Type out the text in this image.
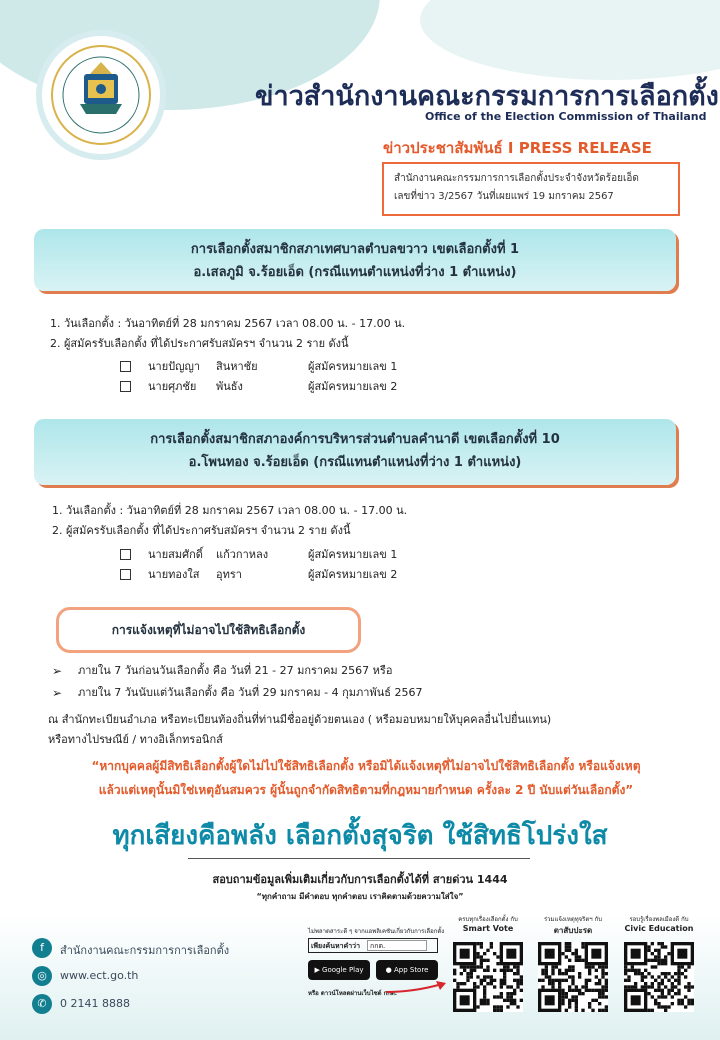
ข่าวสำนักงานคณะกรรมการการเลือกตั้ง
Office of the Election Commission of Thailand
ข่าวประชาสัมพันธ์ I PRESS RELEASE
สำนักงานคณะกรรมการการเลือกตั้งประจำจังหวัดร้อยเอ็ด
เลขที่ข่าว 3/2567 วันที่เผยแพร่ 19 มกราคม 2567
การเลือกตั้งสมาชิกสภาเทศบาลตำบลขวาว เขตเลือกตั้งที่ 1
อ.เสลภูมิ จ.ร้อยเอ็ด (กรณีแทนตำแหน่งที่ว่าง 1 ตำแหน่ง)
1. วันเลือกตั้ง : วันอาทิตย์ที่ 28 มกราคม 2567 เวลา 08.00 น. - 17.00 น.
2. ผู้สมัครรับเลือกตั้ง ที่ได้ประกาศรับสมัครฯ จำนวน 2 ราย ดังนี้
นายปัญญา สินหาชัย	ผู้สมัครหมายเลข 1
นายศุภชัย พันธัง	ผู้สมัครหมายเลข 2
การเลือกตั้งสมาชิกสภาองค์การบริหารส่วนตำบลคำนาดี เขตเลือกตั้งที่ 10
อ.โพนทอง จ.ร้อยเอ็ด (กรณีแทนตำแหน่งที่ว่าง 1 ตำแหน่ง)
1. วันเลือกตั้ง : วันอาทิตย์ที่ 28 มกราคม 2567 เวลา 08.00 น. - 17.00 น.
2. ผู้สมัครรับเลือกตั้ง ที่ได้ประกาศรับสมัครฯ จำนวน 2 ราย ดังนี้
นายสมศักดิ์ แก้วกาหลง	ผู้สมัครหมายเลข 1
นายทองใส อุทรา	ผู้สมัครหมายเลข 2
การแจ้งเหตุที่ไม่อาจไปใช้สิทธิเลือกตั้ง
➢ ภายใน 7 วันก่อนวันเลือกตั้ง คือ วันที่ 21 - 27 มกราคม 2567 หรือ
➢ ภายใน 7 วันนับแต่วันเลือกตั้ง คือ วันที่ 29 มกราคม - 4 กุมภาพันธ์ 2567
ณ สำนักทะเบียนอำเภอ หรือทะเบียนท้องถิ่นที่ท่านมีชื่ออยู่ด้วยตนเอง ( หรือมอบหมายให้บุคคลอื่นไปยื่นแทน)
หรือทางไปรษณีย์ / ทางอิเล็กทรอนิกส์
“หากบุคคลผู้มีสิทธิเลือกตั้งผู้ใดไม่ไปใช้สิทธิเลือกตั้ง หรือมิได้แจ้งเหตุที่ไม่อาจไปใช้สิทธิเลือกตั้ง หรือแจ้งเหตุ
แล้วแต่เหตุนั้นมิใช่เหตุอันสมควร ผู้นั้นถูกจำกัดสิทธิตามที่กฎหมายกำหนด ครั้งละ 2 ปี นับแต่วันเลือกตั้ง”
ทุกเสียงคือพลัง เลือกตั้งสุจริต ใช้สิทธิโปร่งใส
สอบถามข้อมูลเพิ่มเติมเกี่ยวกับการเลือกตั้งได้ที่ สายด่วน 1444
“ทุกคำถาม มีคำตอบ ทุกคำตอบ เราคิดตามด้วยความใส่ใจ”
f	สำนักงานคณะกรรมการการเลือกตั้ง
◎	www.ect.go.th
✆	0 2141 8888
ไม่พลาดสาระดี ๆ จากแอพลิเคชันเกี่ยวกับการเลือกตั้ง
เพียงค้นหาคำว่า	กกต.
▶ Google Play	● App Store
หรือ ดาวน์โหลดผ่านเว็บไซต์ กกต.
ครบทุกเรื่องเลือกตั้ง กับ
Smart Vote
ร่วมแจ้งเหตุทุจริตฯ กับ
ตาสับปะรด
รอบรู้เรื่องพลเมืองดี กับ
Civic Education
